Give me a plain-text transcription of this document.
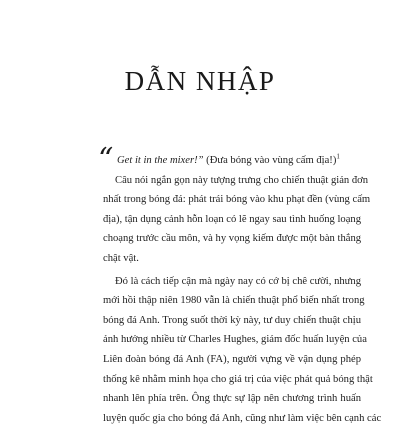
DẪN NHẬP
“ Get it in the mixer!” (Đưa bóng vào vùng cấm địa!)$^1$
Câu nói ngắn gọn này tượng trưng cho chiến thuật giản đơn
nhất trong bóng đá: phát trái bóng vào khu phạt đền (vùng cấm
địa), tận dụng cảnh hỗn loạn có lẽ ngay sau tình huống loạng
choạng trước cầu môn, và hy vọng kiếm được một bàn thắng
chật vật.
Đó là cách tiếp cận mà ngày nay có cớ bị chê cười, nhưng
mới hồi thập niên 1980 vẫn là chiến thuật phổ biến nhất trong
bóng đá Anh. Trong suốt thời kỳ này, tư duy chiến thuật chịu
ảnh hưởng nhiều từ Charles Hughes, giám đốc huấn luyện của
Liên đoàn bóng đá Anh (FA), người vựng về vận dụng phép
thống kê nhằm minh họa cho giá trị của việc phát quả bóng thật
nhanh lên phía trên. Ông thực sự lập nên chương trình huấn
luyện quốc gia cho bóng đá Anh, cũng như làm việc bên cạnh các
